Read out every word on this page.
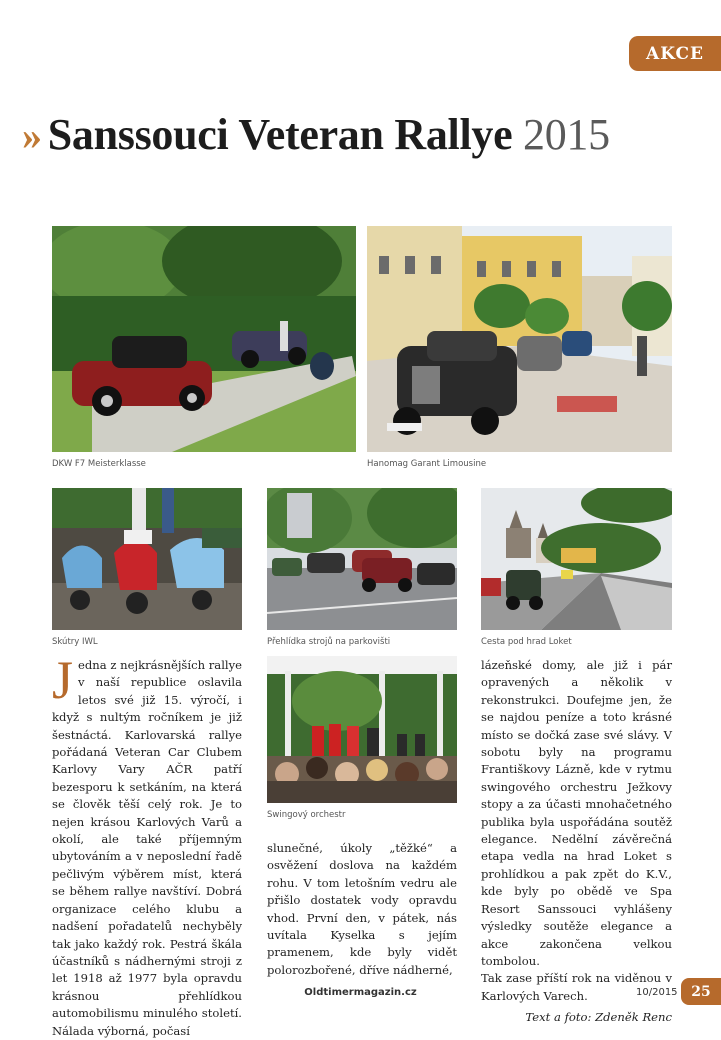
AKCE
» Sanssouci Veteran Rallye 2015
DKW F7 Meisterklasse	Hanomag Garant Limousine
Skútry IWL	Přehlídka strojů na parkovišti	Cesta pod hrad Loket
Swingový orchestr

Jedna z nejkrásnějších rallye v naší republice oslavila letos své již 15. výročí, i když s nultým ročníkem je již šestnáctá. Karlovarská rallye pořádaná Veteran Car Clubem Karlovy Vary AČR patří bezesporu k setkáním, na která se člověk těší celý rok. Je to nejen krásou Karlových Varů a okolí, ale také příjemným ubytováním a v neposlední řadě pečlivým výběrem míst, která se během rallye navštíví. Dobrá organizace celého klubu a nadšení pořadatelů nechyběly tak jako každý rok. Pestrá škála účastníků s nádhernými stroji z let 1918 až 1977 byla opravdu krásnou přehlídkou automobilismu minulého století. Nálada výborná, počasí

slunečné, úkoly „těžké“ a osvěžení doslova na každém rohu. V tom letošním vedru ale přišlo dostatek vody opravdu vhod. První den, v pátek, nás uvítala Kyselka s jejím pramenem, kde byly vidět polorozbořené, dříve nádherné,

lázeňské domy, ale již i pár opravených a několik v rekonstrukci. Doufejme jen, že se najdou peníze a toto krásné místo se dočká zase své slávy. V sobotu byly na programu Františkovy Lázně, kde v rytmu swingového orchestru Ježkovy stopy a za účasti mnohačetného publika byla uspořádána soutěž elegance. Nedělní závěrečná etapa vedla na hrad Loket s prohlídkou a pak zpět do K.V., kde byly po obědě ve Spa Resort Sanssouci vyhlášeny výsledky soutěže elegance a akce zakončena velkou tombolou.

Tak zase příští rok na viděnou v Karlových Varech.

Text a foto: Zdeněk Renc
Oldtimermagazin.cz	10/2015 25
